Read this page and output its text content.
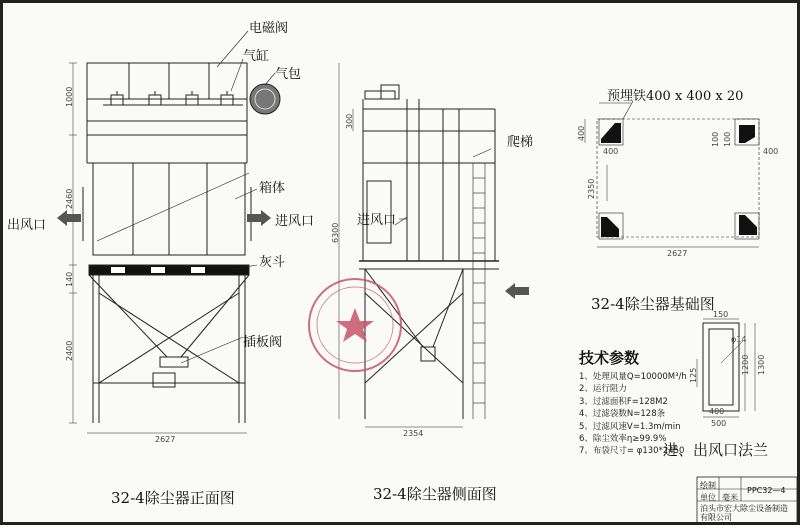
电磁阀
气缸
气包
箱体
进风口
出风口
灰斗
插板阀
1000
2460
140
2400
2627
32-4除尘器正面图
爬梯
进风口
300
6300
2354
32-4除尘器侧面图
预埋铁400 x 400 x 20
400
400
100 100
400
2350
2627
32-4除尘器基础图
技术参数
1、处理风量Q=10000M³/h
2、运行阻力
3、过滤面积F=128M2
4、过滤袋数N=128条
5、过滤风速V=1.3m/min
6、除尘效率η≥99.9%
7、布袋尺寸= φ130*2450
150
125
1200 1300
400
500
φ14
进、出风口法兰
绘制
单位 毫米
PPC32—4
泊头市宏大除尘设备制造有限公司
